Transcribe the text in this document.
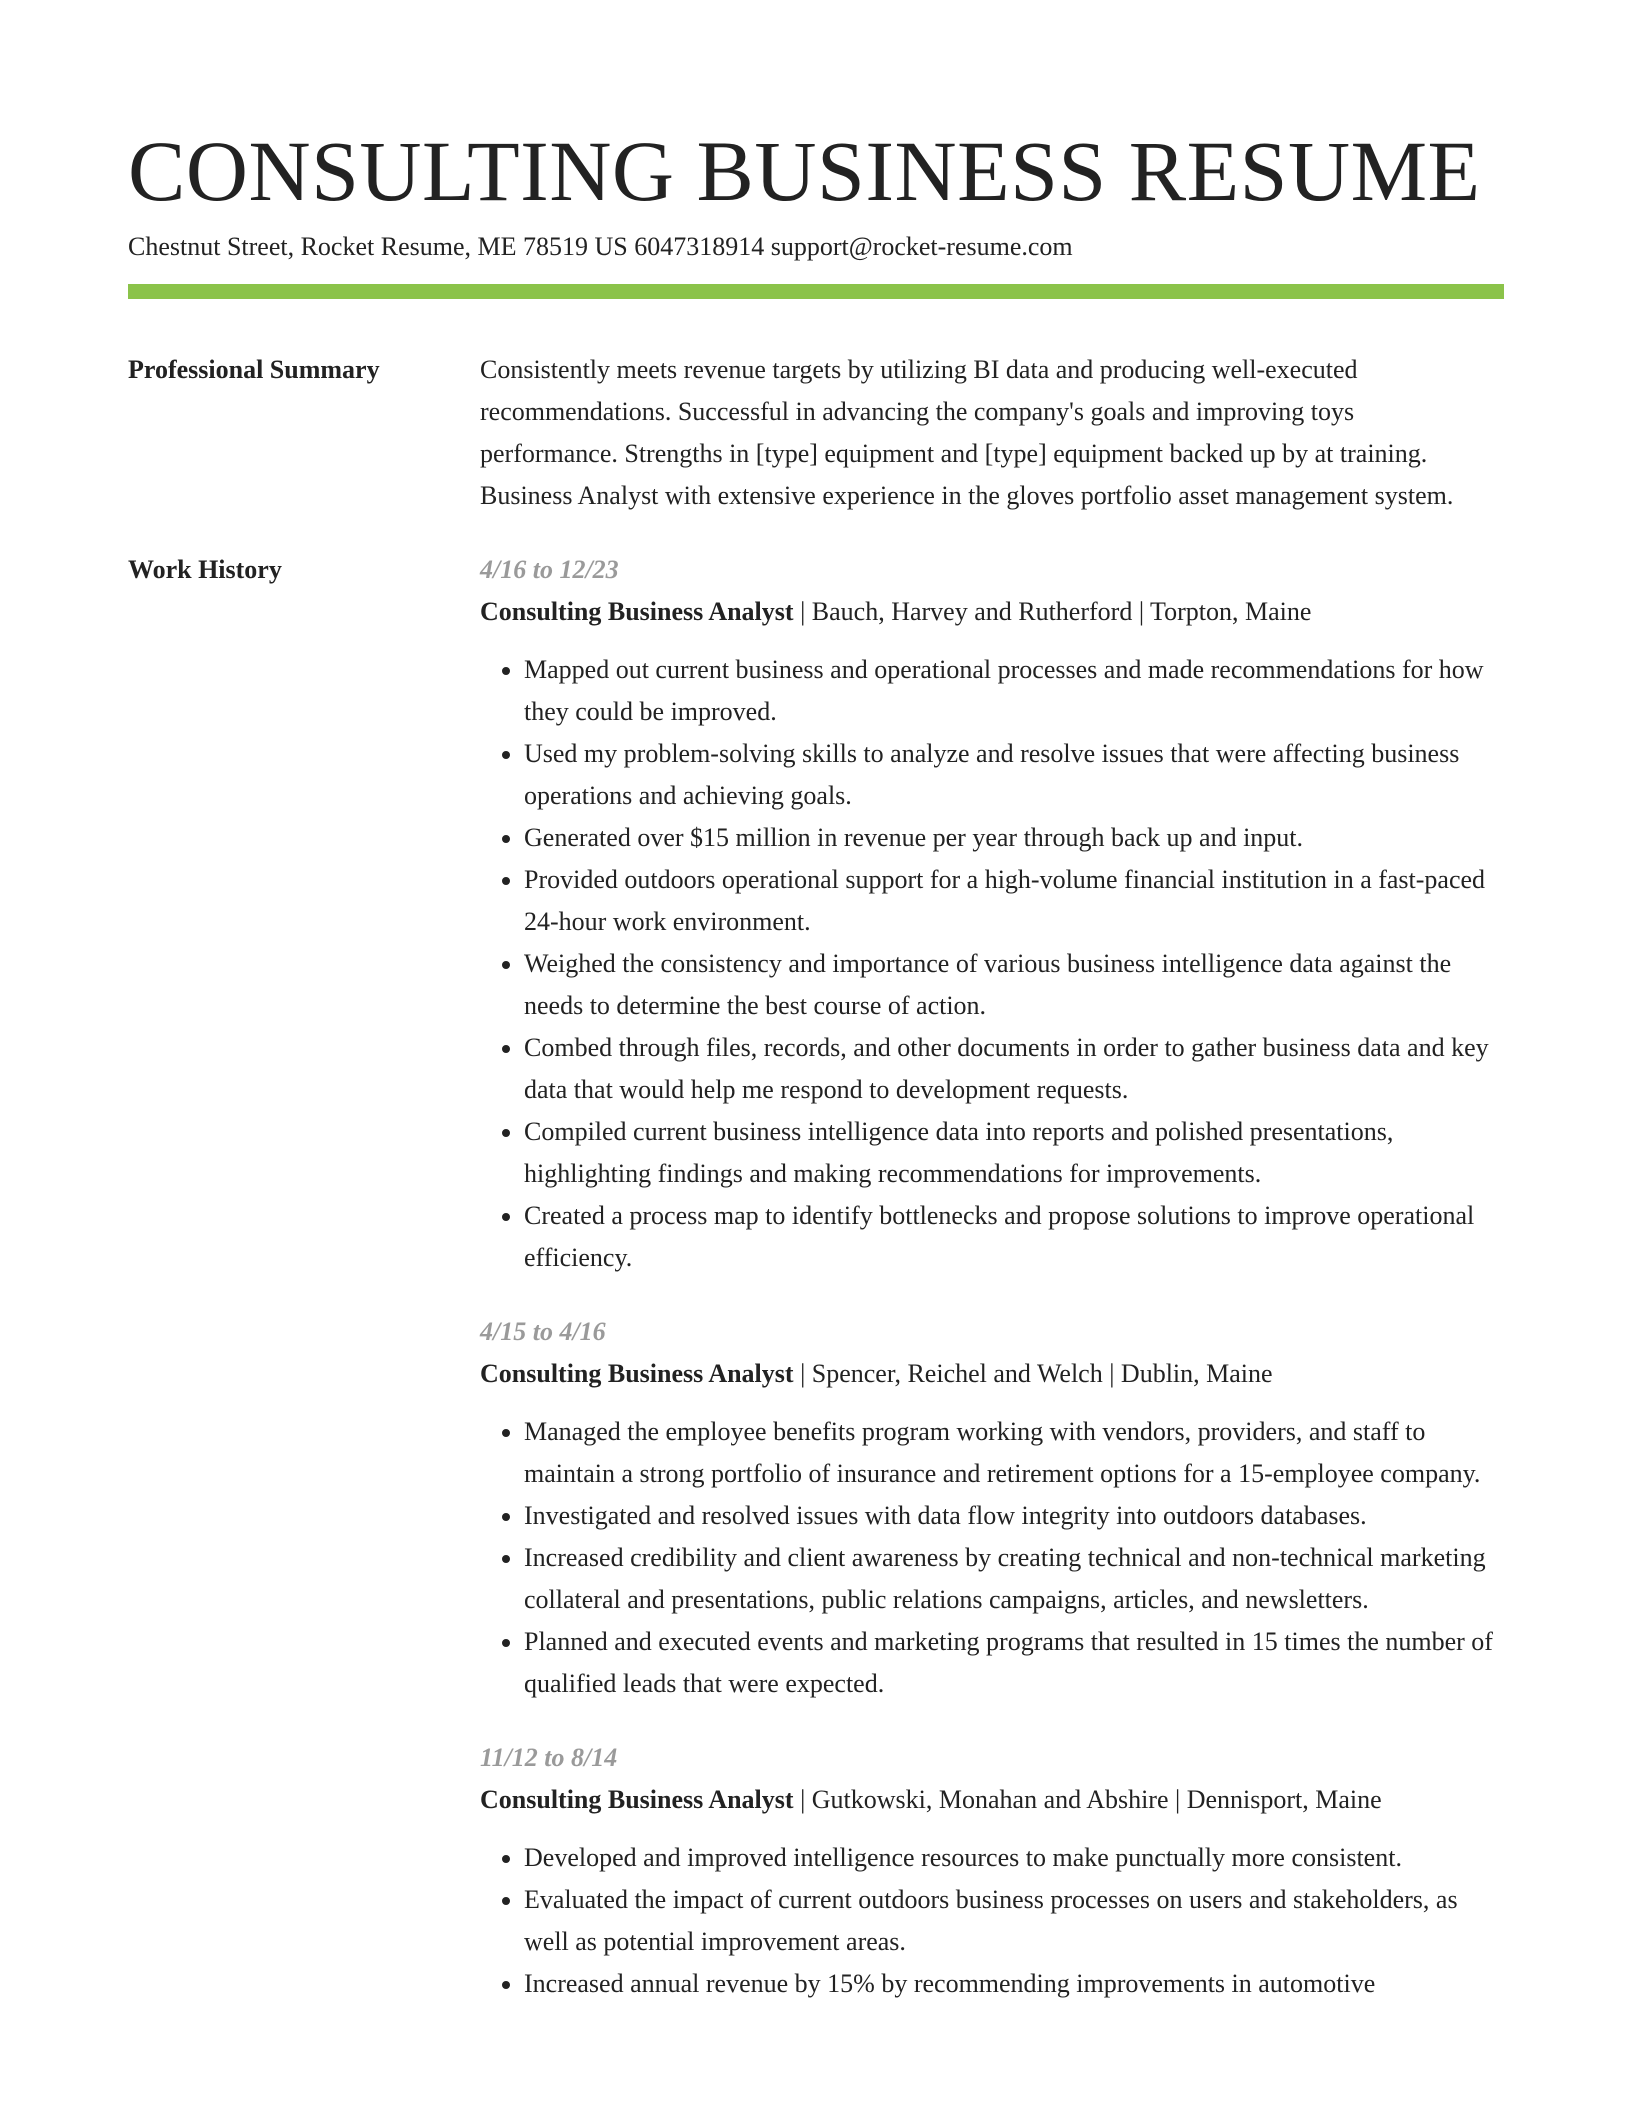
CONSULTING BUSINESS RESUME
Chestnut Street, Rocket Resume, ME 78519 US 6047318914 support@rocket-resume.com
Professional Summary	Consistently meets revenue targets by utilizing BI data and producing well-executed recommendations. Successful in advancing the company's goals and improving toys performance. Strengths in [type] equipment and [type] equipment backed up by at training. Business Analyst with extensive experience in the gloves portfolio asset management system.

Work History	4/16 to 12/23
Consulting Business Analyst | Bauch, Harvey and Rutherford | Torpton, Maine
• Mapped out current business and operational processes and made recommendations for how they could be improved.
• Used my problem-solving skills to analyze and resolve issues that were affecting business operations and achieving goals.
• Generated over $15 million in revenue per year through back up and input.
• Provided outdoors operational support for a high-volume financial institution in a fast-paced 24-hour work environment.
• Weighed the consistency and importance of various business intelligence data against the needs to determine the best course of action.
• Combed through files, records, and other documents in order to gather business data and key data that would help me respond to development requests.
• Compiled current business intelligence data into reports and polished presentations, highlighting findings and making recommendations for improvements.
• Created a process map to identify bottlenecks and propose solutions to improve operational efficiency.
4/15 to 4/16
Consulting Business Analyst | Spencer, Reichel and Welch | Dublin, Maine
• Managed the employee benefits program working with vendors, providers, and staff to maintain a strong portfolio of insurance and retirement options for a 15-employee company.
• Investigated and resolved issues with data flow integrity into outdoors databases.
• Increased credibility and client awareness by creating technical and non-technical marketing collateral and presentations, public relations campaigns, articles, and newsletters.
• Planned and executed events and marketing programs that resulted in 15 times the number of qualified leads that were expected.
11/12 to 8/14
Consulting Business Analyst | Gutkowski, Monahan and Abshire | Dennisport, Maine
• Developed and improved intelligence resources to make punctually more consistent.
• Evaluated the impact of current outdoors business processes on users and stakeholders, as well as potential improvement areas.
• Increased annual revenue by 15% by recommending improvements in automotive
